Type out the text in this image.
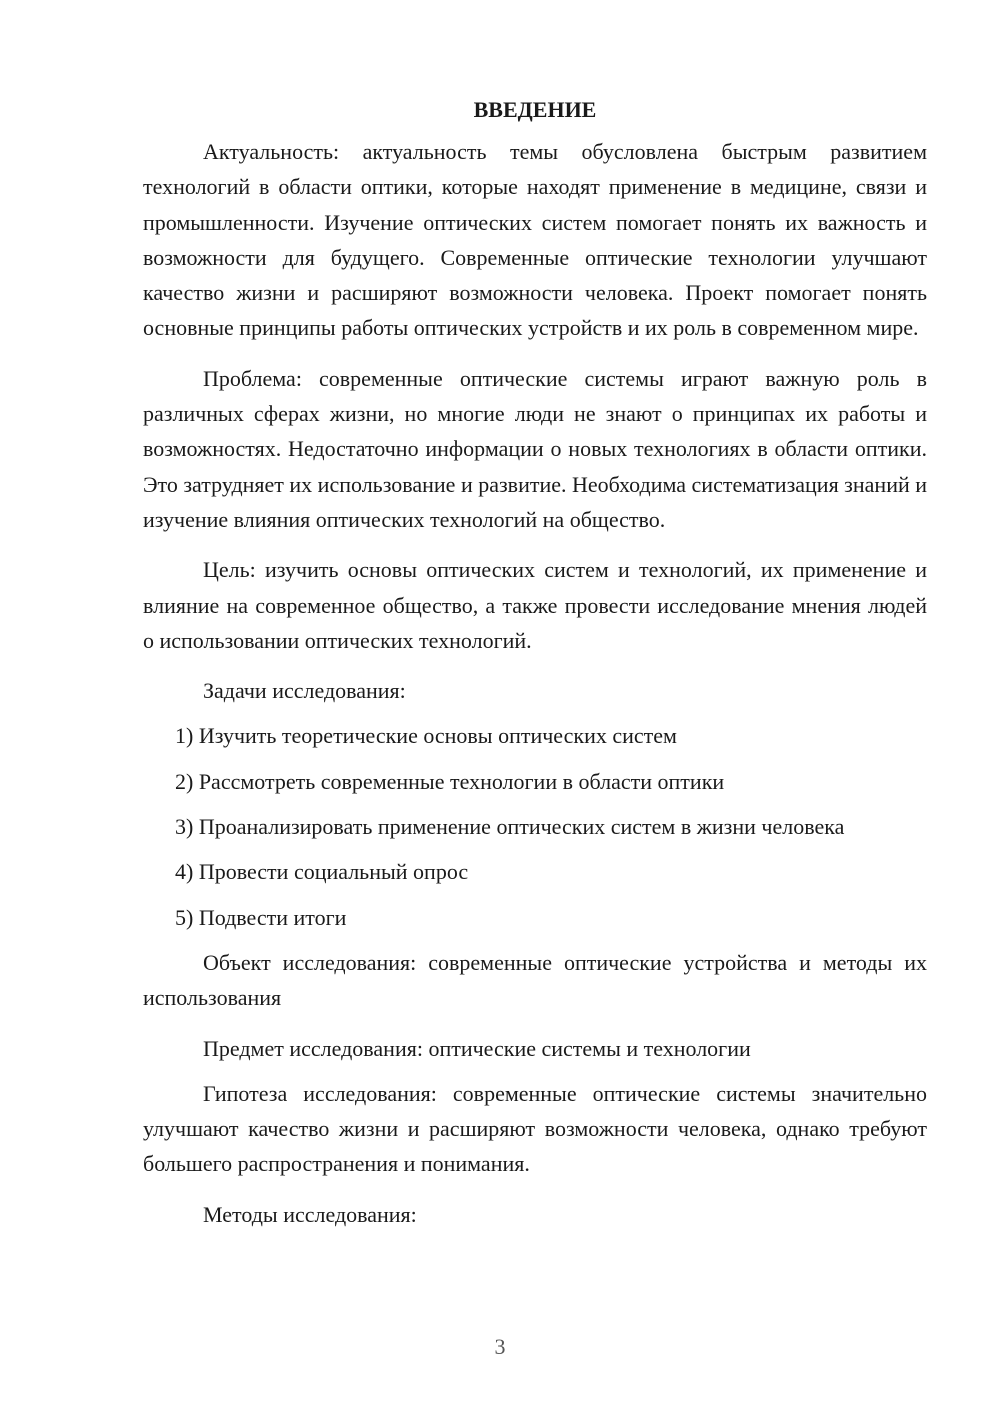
ВВЕДЕНИЕ

Актуальность: актуальность темы обусловлена быстрым развитием технологий в области оптики, которые находят применение в медицине, связи и промышленности. Изучение оптических систем помогает понять их важность и возможности для будущего. Современные оптические технологии улучшают качество жизни и расширяют возможности человека. Проект помогает понять основные принципы работы оптических устройств и их роль в современном мире.

Проблема: современные оптические системы играют важную роль в различных сферах жизни, но многие люди не знают о принципах их работы и возможностях. Недостаточно информации о новых технологиях в области оптики. Это затрудняет их использование и развитие. Необходима систематизация знаний и изучение влияния оптических технологий на общество.

Цель: изучить основы оптических систем и технологий, их применение и влияние на современное общество, а также провести исследование мнения людей о использовании оптических технологий.

Задачи исследования:

1) Изучить теоретические основы оптических систем
2) Рассмотреть современные технологии в области оптики
3) Проанализировать применение оптических систем в жизни человека
4) Провести социальный опрос
5) Подвести итоги

Объект исследования: современные оптические устройства и методы их использования

Предмет исследования: оптические системы и технологии

Гипотеза исследования: современные оптические системы значительно улучшают качество жизни и расширяют возможности человека, однако требуют большего распространения и понимания.

Методы исследования:

3
